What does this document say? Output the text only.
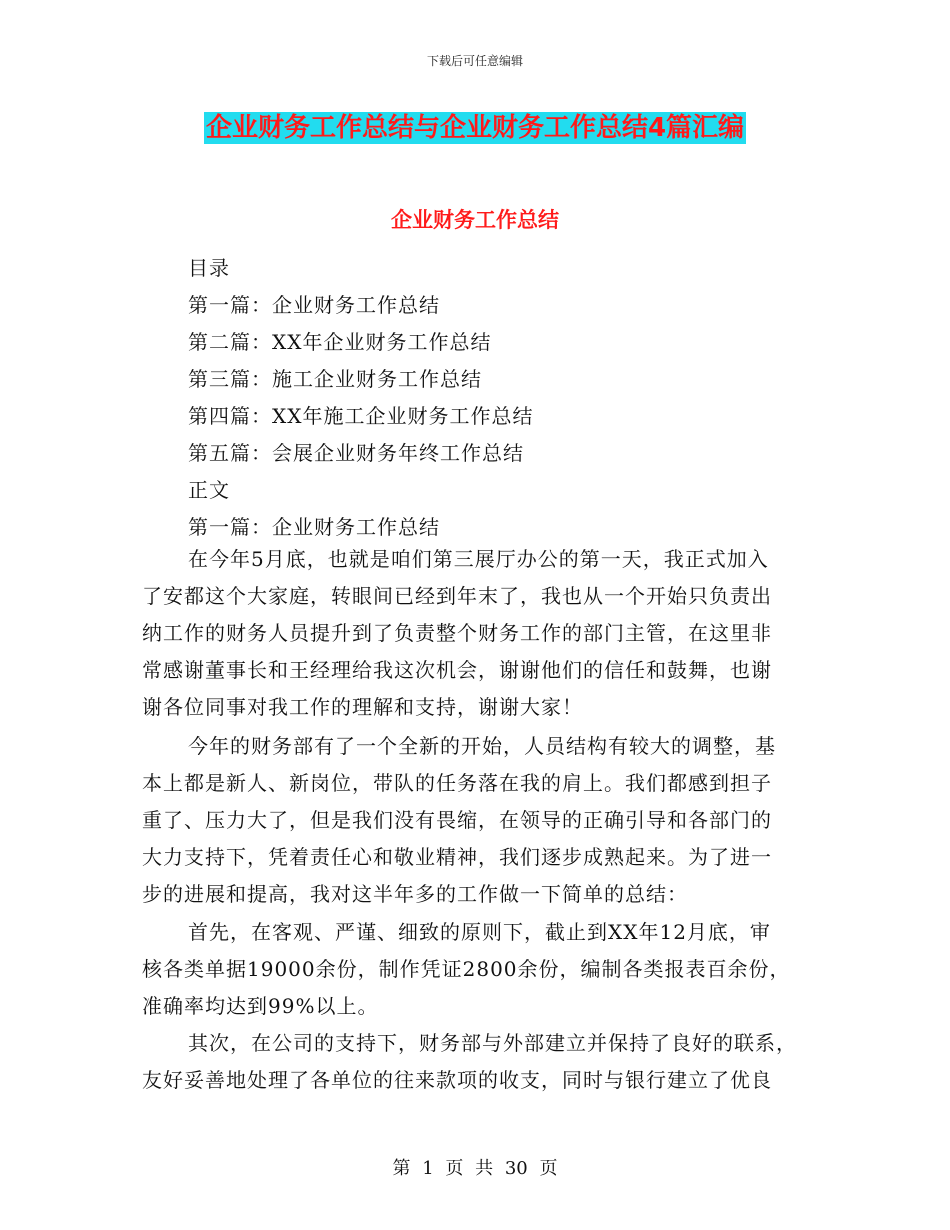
下载后可任意编辑
企业财务工作总结与企业财务工作总结4篇汇编
企业财务工作总结
目录
第一篇：企业财务工作总结
第二篇：XX年企业财务工作总结
第三篇：施工企业财务工作总结
第四篇：XX年施工企业财务工作总结
第五篇：会展企业财务年终工作总结
正文
第一篇：企业财务工作总结
在今年5月底，也就是咱们第三展厅办公的第一天，我正式加入
了安都这个大家庭，转眼间已经到年末了，我也从一个开始只负责出
纳工作的财务人员提升到了负责整个财务工作的部门主管，在这里非
常感谢董事长和王经理给我这次机会，谢谢他们的信任和鼓舞，也谢
谢各位同事对我工作的理解和支持，谢谢大家！
今年的财务部有了一个全新的开始，人员结构有较大的调整，基
本上都是新人、新岗位，带队的任务落在我的肩上。我们都感到担子
重了、压力大了，但是我们没有畏缩，在领导的正确引导和各部门的
大力支持下，凭着责任心和敬业精神，我们逐步成熟起来。为了进一
步的进展和提高，我对这半年多的工作做一下简单的总结：
首先，在客观、严谨、细致的原则下，截止到XX年12月底，审
核各类单据19000余份，制作凭证2800余份，编制各类报表百余份，
准确率均达到99%以上。
其次，在公司的支持下，财务部与外部建立并保持了良好的联系，
友好妥善地处理了各单位的往来款项的收支，同时与银行建立了优良
第 1 页 共 30 页
